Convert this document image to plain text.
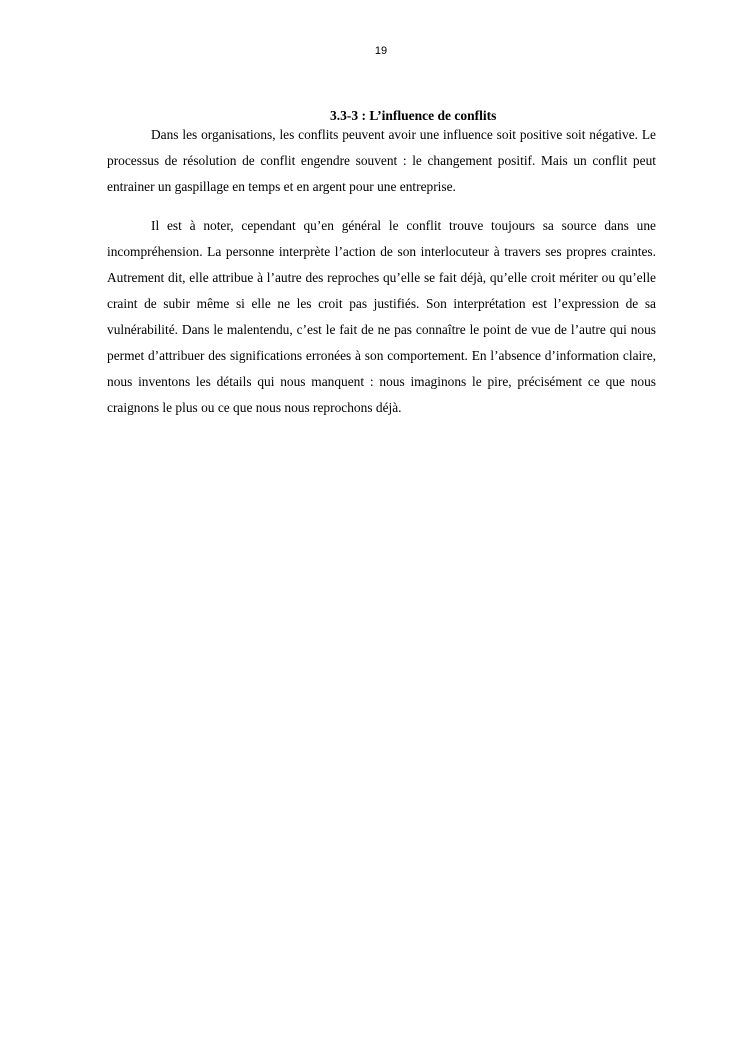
19
3.3-3 : L’influence de conflits

Dans les organisations, les conflits peuvent avoir une influence soit positive soit négative. Le processus de résolution de conflit engendre souvent : le changement positif. Mais un conflit peut entrainer un gaspillage en temps et en argent pour une entreprise.

Il est à noter, cependant qu’en général le conflit trouve toujours sa source dans une incompréhension. La personne interprète l’action de son interlocuteur à travers ses propres craintes. Autrement dit, elle attribue à l’autre des reproches qu’elle se fait déjà, qu’elle croit mériter ou qu’elle craint de subir même si elle ne les croit pas justifiés. Son interprétation est l’expression de sa vulnérabilité. Dans le malentendu, c’est le fait de ne pas connaître le point de vue de l’autre qui nous permet d’attribuer des significations erronées à son comportement. En l’absence d’information claire, nous inventons les détails qui nous manquent : nous imaginons le pire, précisément ce que nous craignons le plus ou ce que nous nous reprochons déjà.
